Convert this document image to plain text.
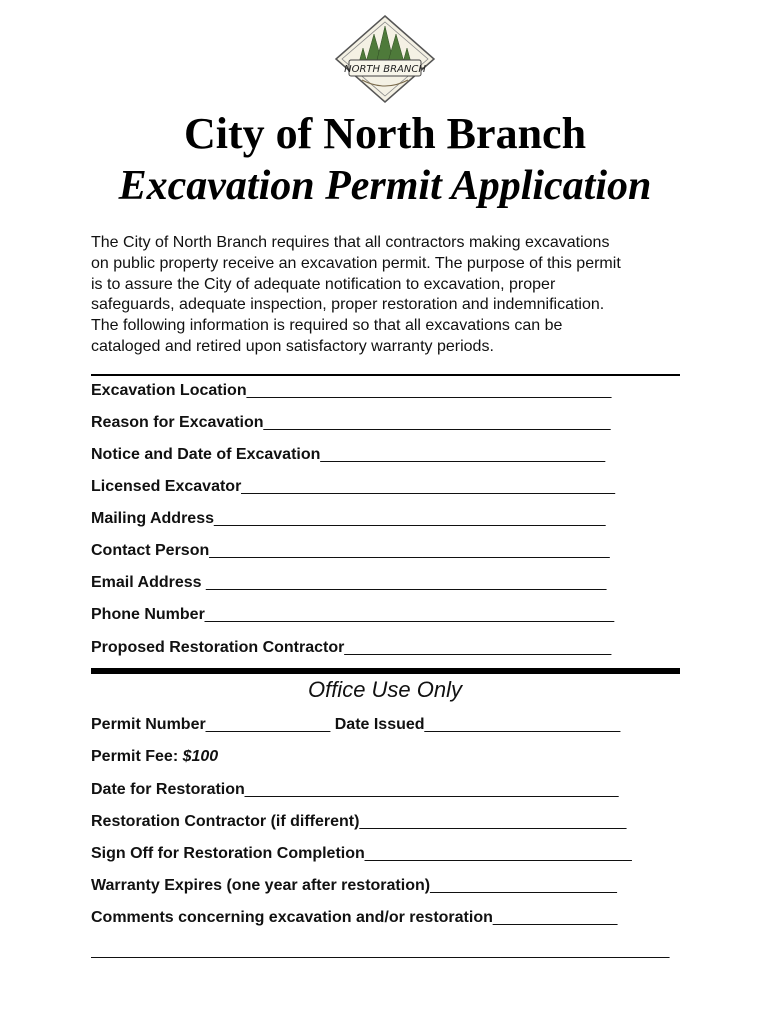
NORTH BRANCH
City of North Branch
Excavation Permit Application

The City of North Branch requires that all contractors making excavations
on public property receive an excavation permit. The purpose of this permit
is to assure the City of adequate notification to excavation, proper
safeguards, adequate inspection, proper restoration and indemnification.
The following information is required so that all excavations can be
cataloged and retired upon satisfactory warranty periods.

Excavation Location_________________________________________
Reason for Excavation_______________________________________
Notice and Date of Excavation________________________________
Licensed Excavator__________________________________________
Mailing Address____________________________________________
Contact Person_____________________________________________
Email Address _____________________________________________
Phone Number______________________________________________
Proposed Restoration Contractor______________________________
Office Use Only
Permit Number______________ Date Issued______________________
Permit Fee: $100
Date for Restoration__________________________________________
Restoration Contractor (if different)______________________________
Sign Off for Restoration Completion______________________________
Warranty Expires (one year after restoration)_____________________
Comments concerning excavation and/or restoration______________
_________________________________________________________________
